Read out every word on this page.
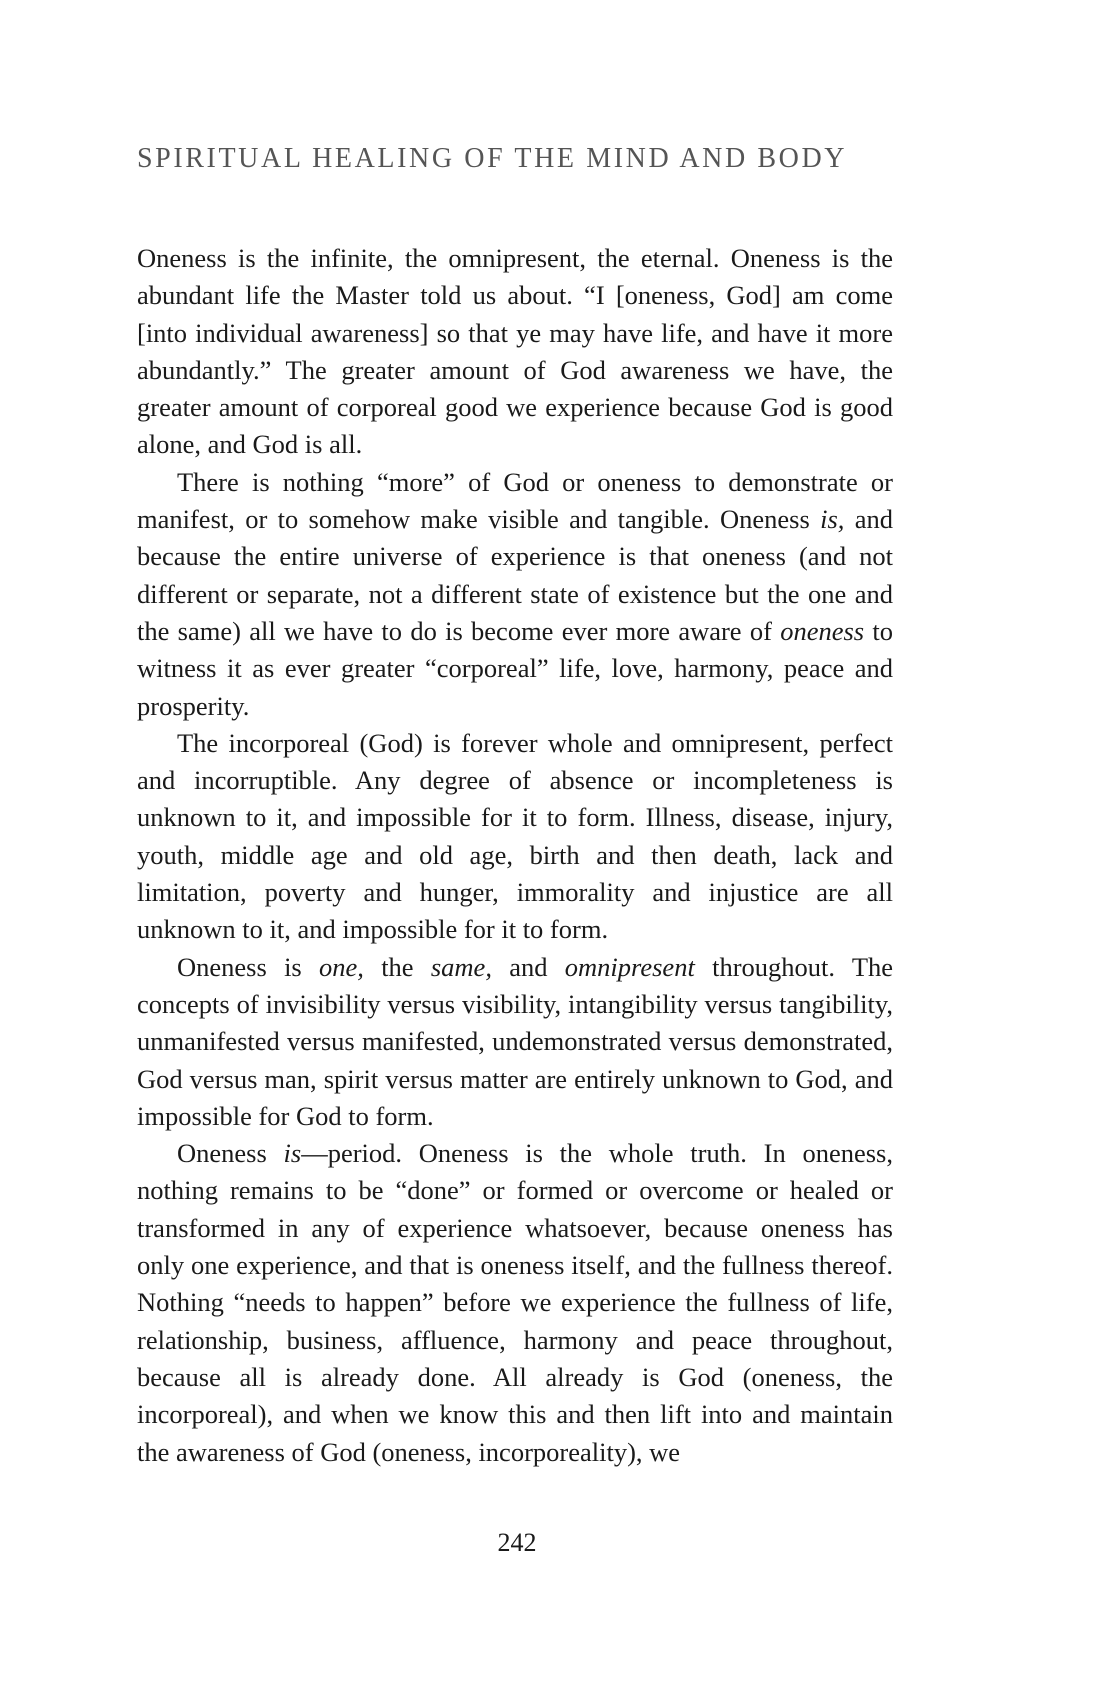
SPIRITUAL HEALING OF THE MIND AND BODY

Oneness is the infinite, the omnipresent, the eternal. Oneness is the abundant life the Master told us about. “I [oneness, God] am come [into individual awareness] so that ye may have life, and have it more abundantly.” The greater amount of God awareness we have, the greater amount of corporeal good we experience because God is good alone, and God is all.

There is nothing “more” of God or oneness to demonstrate or manifest, or to somehow make visible and tangible. Oneness is, and because the entire universe of experience is that oneness (and not different or separate, not a different state of existence but the one and the same) all we have to do is become ever more aware of oneness to witness it as ever greater “corporeal” life, love, harmony, peace and prosperity.

The incorporeal (God) is forever whole and omnipresent, perfect and incorruptible. Any degree of absence or incompleteness is unknown to it, and impossible for it to form. Illness, disease, injury, youth, middle age and old age, birth and then death, lack and limitation, poverty and hunger, immorality and injustice are all unknown to it, and impossible for it to form.

Oneness is one, the same, and omnipresent throughout. The concepts of invisibility versus visibility, intangibility versus tangibility, unmanifested versus manifested, undemonstrated versus demonstrated, God versus man, spirit versus matter are entirely unknown to God, and impossible for God to form.

Oneness is—period. Oneness is the whole truth. In oneness, nothing remains to be “done” or formed or overcome or healed or transformed in any of experience whatsoever, because oneness has only one experience, and that is oneness itself, and the fullness thereof. Nothing “needs to happen” before we experience the fullness of life, relationship, business, affluence, harmony and peace throughout, because all is already done. All already is God (oneness, the incorporeal), and when we know this and then lift into and maintain the awareness of God (oneness, incorporeality), we

242
